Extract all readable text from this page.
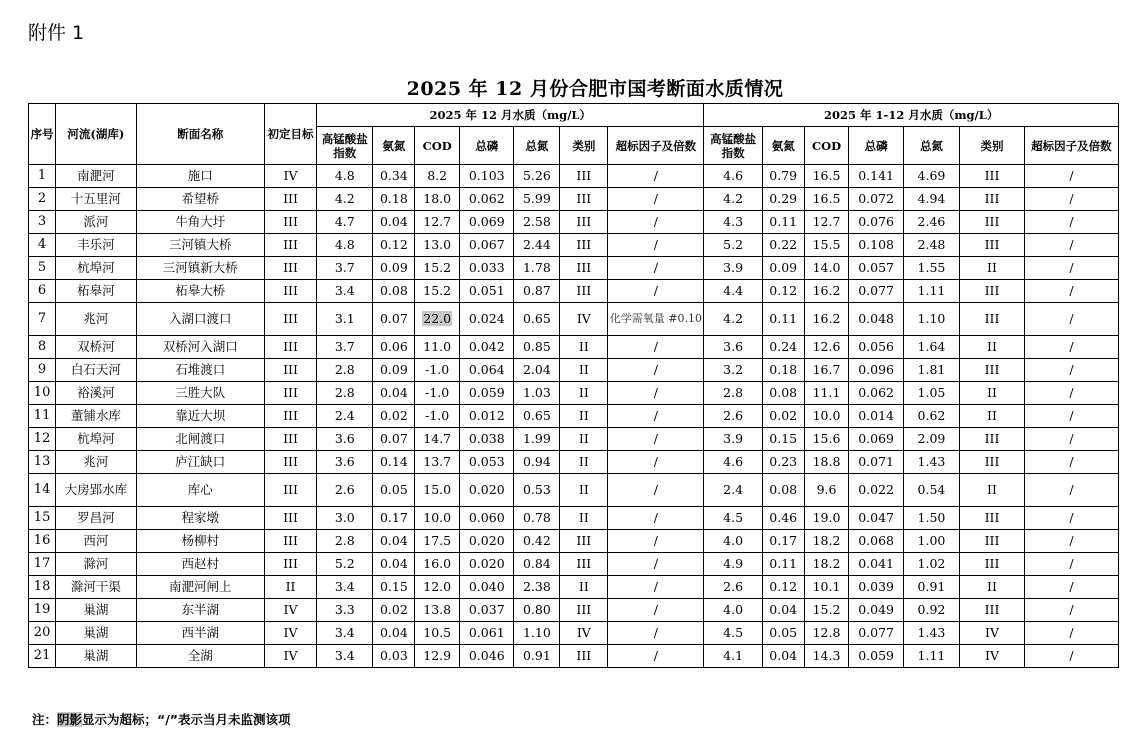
附件 1
2025 年 12 月份合肥市国考断面水质情况
序号	河流(湖库)	断面名称	初定目标	2025 年 12 月水质（mg/L）							2025 年 1-12 月水质（mg/L）						
				高锰酸盐指数	氨氮	COD	总磷	总氮	类别	超标因子及倍数	高锰酸盐指数	氨氮	COD	总磷	总氮	类别	超标因子及倍数
1	南淝河	施口	IV	4.8	0.34	8.2	0.103	5.26	III	/	4.6	0.79	16.5	0.141	4.69	III	/
2	十五里河	希望桥	III	4.2	0.18	18.0	0.062	5.99	III	/	4.2	0.29	16.5	0.072	4.94	III	/
3	派河	牛角大圩	III	4.7	0.04	12.7	0.069	2.58	III	/	4.3	0.11	12.7	0.076	2.46	III	/
4	丰乐河	三河镇大桥	III	4.8	0.12	13.0	0.067	2.44	III	/	5.2	0.22	15.5	0.108	2.48	III	/
5	杭埠河	三河镇新大桥	III	3.7	0.09	15.2	0.033	1.78	III	/	3.9	0.09	14.0	0.057	1.55	II	/
6	柘皋河	柘皋大桥	III	3.4	0.08	15.2	0.051	0.87	III	/	4.4	0.12	16.2	0.077	1.11	III	/
7	兆河	入湖口渡口	III	3.1	0.07	22.0	0.024	0.65	IV	化学需氧量 #0.10	4.2	0.11	16.2	0.048	1.10	III	/
8	双桥河	双桥河入湖口	III	3.7	0.06	11.0	0.042	0.85	II	/	3.6	0.24	12.6	0.056	1.64	II	/
9	白石天河	石堆渡口	III	2.8	0.09	-1.0	0.064	2.04	II	/	3.2	0.18	16.7	0.096	1.81	III	/
10	裕溪河	三胜大队	III	2.8	0.04	-1.0	0.059	1.03	II	/	2.8	0.08	11.1	0.062	1.05	II	/
11	董铺水库	靠近大坝	III	2.4	0.02	-1.0	0.012	0.65	II	/	2.6	0.02	10.0	0.014	0.62	II	/
12	杭埠河	北闸渡口	III	3.6	0.07	14.7	0.038	1.99	II	/	3.9	0.15	15.6	0.069	2.09	III	/
13	兆河	庐江缺口	III	3.6	0.14	13.7	0.053	0.94	II	/	4.6	0.23	18.8	0.071	1.43	III	/
14	大房郢水库	库心	III	2.6	0.05	15.0	0.020	0.53	II	/	2.4	0.08	9.6	0.022	0.54	II	/
15	罗昌河	程家墩	III	3.0	0.17	10.0	0.060	0.78	II	/	4.5	0.46	19.0	0.047	1.50	III	/
16	西河	杨柳村	III	2.8	0.04	17.5	0.020	0.42	III	/	4.0	0.17	18.2	0.068	1.00	III	/
17	滁河	西赵村	III	5.2	0.04	16.0	0.020	0.84	III	/	4.9	0.11	18.2	0.041	1.02	III	/
18	滁河干渠	南淝河闸上	II	3.4	0.15	12.0	0.040	2.38	II	/	2.6	0.12	10.1	0.039	0.91	II	/
19	巢湖	东半湖	IV	3.3	0.02	13.8	0.037	0.80	III	/	4.0	0.04	15.2	0.049	0.92	III	/
20	巢湖	西半湖	IV	3.4	0.04	10.5	0.061	1.10	IV	/	4.5	0.05	12.8	0.077	1.43	IV	/
21	巢湖	全湖	IV	3.4	0.03	12.9	0.046	0.91	III	/	4.1	0.04	14.3	0.059	1.11	IV	/
注：阴影显示为超标；“/”表示当月未监测该项
